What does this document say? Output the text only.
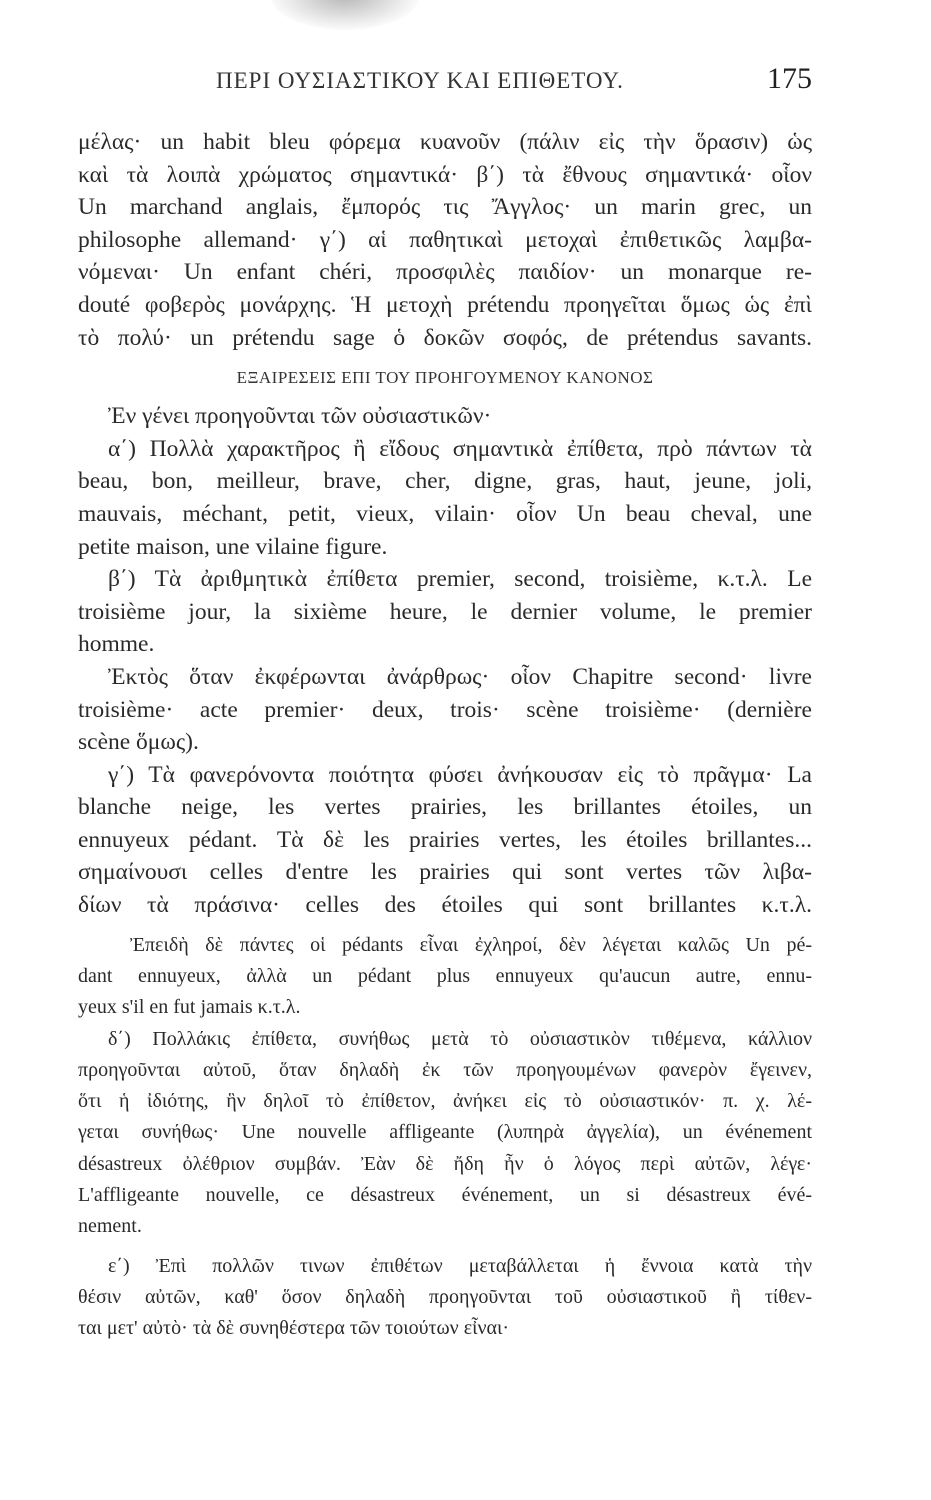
ΠΕΡΙ ΟΥΣΙΑΣΤΙΚΟΥ ΚΑΙ ΕΠΙΘΕΤΟΥ.	175
μέλας· un habit bleu φόρεμα κυανοῦν (πάλιν εἰς τὴν ὅρασιν) ὡς
καὶ τὰ λοιπὰ χρώματος σημαντικά· β΄) τὰ ἔθνους σημαντικά· οἷον
Un marchand anglais, ἔμπορός τις Ἄγγλος· un marin grec, un
philosophe allemand· γ΄) αἱ παθητικαὶ μετοχαὶ ἐπιθετικῶς λαμβα-
νόμεναι· Un enfant chéri, προσφιλὲς παιδίον· un monarque re-
douté φοβερὸς μονάρχης. Ἡ μετοχὴ prétendu προηγεῖται ὅμως ὡς ἐπὶ
τὸ πολύ· un prétendu sage ὁ δοκῶν σοφός, de prétendus savants.
ΕΞΑΙΡΕΣΕΙΣ ΕΠΙ ΤΟΥ ΠΡΟΗΓΟΥΜΕΝΟΥ ΚΑΝΟΝΟΣ
Ἐν γένει προηγοῦνται τῶν οὐσιαστικῶν·
α΄) Πολλὰ χαρακτῆρος ἢ εἴδους σημαντικὰ ἐπίθετα, πρὸ πάντων τὰ
beau, bon, meilleur, brave, cher, digne, gras, haut, jeune, joli,
mauvais, méchant, petit, vieux, vilain· οἷον Un beau cheval, une
petite maison, une vilaine figure.
β΄) Τὰ ἀριθμητικὰ ἐπίθετα premier, second, troisième, κ.τ.λ. Le
troisième jour, la sixième heure, le dernier volume, le premier
homme.
Ἐκτὸς ὅταν ἐκφέρωνται ἀνάρθρως· οἷον Chapitre second· livre
troisième· acte premier· deux, trois· scène troisième· (dernière
scène ὅμως).
γ΄) Τὰ φανερόνοντα ποιότητα φύσει ἀνήκουσαν εἰς τὸ πρᾶγμα· La
blanche neige, les vertes prairies, les brillantes étoiles, un
ennuyeux pédant. Τὰ δὲ les prairies vertes, les étoiles brillantes...
σημαίνουσι celles d'entre les prairies qui sont vertes τῶν λιβα-
δίων τὰ πράσινα· celles des étoiles qui sont brillantes κ.τ.λ.
Ἐπειδὴ δὲ πάντες οἱ pédants εἶναι ἐχληροί, δὲν λέγεται καλῶς Un pé-
dant ennuyeux, ἀλλὰ un pédant plus ennuyeux qu'aucun autre, ennu-
yeux s'il en fut jamais κ.τ.λ.
δ΄) Πολλάκις ἐπίθετα, συνήθως μετὰ τὸ οὐσιαστικὸν τιθέμενα, κάλλιον
προηγοῦνται αὐτοῦ, ὅταν δηλαδὴ ἐκ τῶν προηγουμένων φανερὸν ἔγεινεν,
ὅτι ἡ ἰδιότης, ἣν δηλοῖ τὸ ἐπίθετον, ἀνήκει εἰς τὸ οὐσιαστικόν· π. χ. λέ-
γεται συνήθως· Une nouvelle affligeante (λυπηρὰ ἀγγελία), un événement
désastreux ὀλέθριον συμβάν. Ἐὰν δὲ ἤδη ἦν ὁ λόγος περὶ αὐτῶν, λέγε·
L'affligeante nouvelle, ce désastreux événement, un si désastreux évé-
nement.
ε΄) Ἐπὶ πολλῶν τινων ἐπιθέτων μεταβάλλεται ἡ ἔννοια κατὰ τὴν
θέσιν αὐτῶν, καθ' ὅσον δηλαδὴ προηγοῦνται τοῦ οὐσιαστικοῦ ἢ τίθεν-
ται μετ' αὐτὸ· τὰ δὲ συνηθέστερα τῶν τοιούτων εἶναι·
